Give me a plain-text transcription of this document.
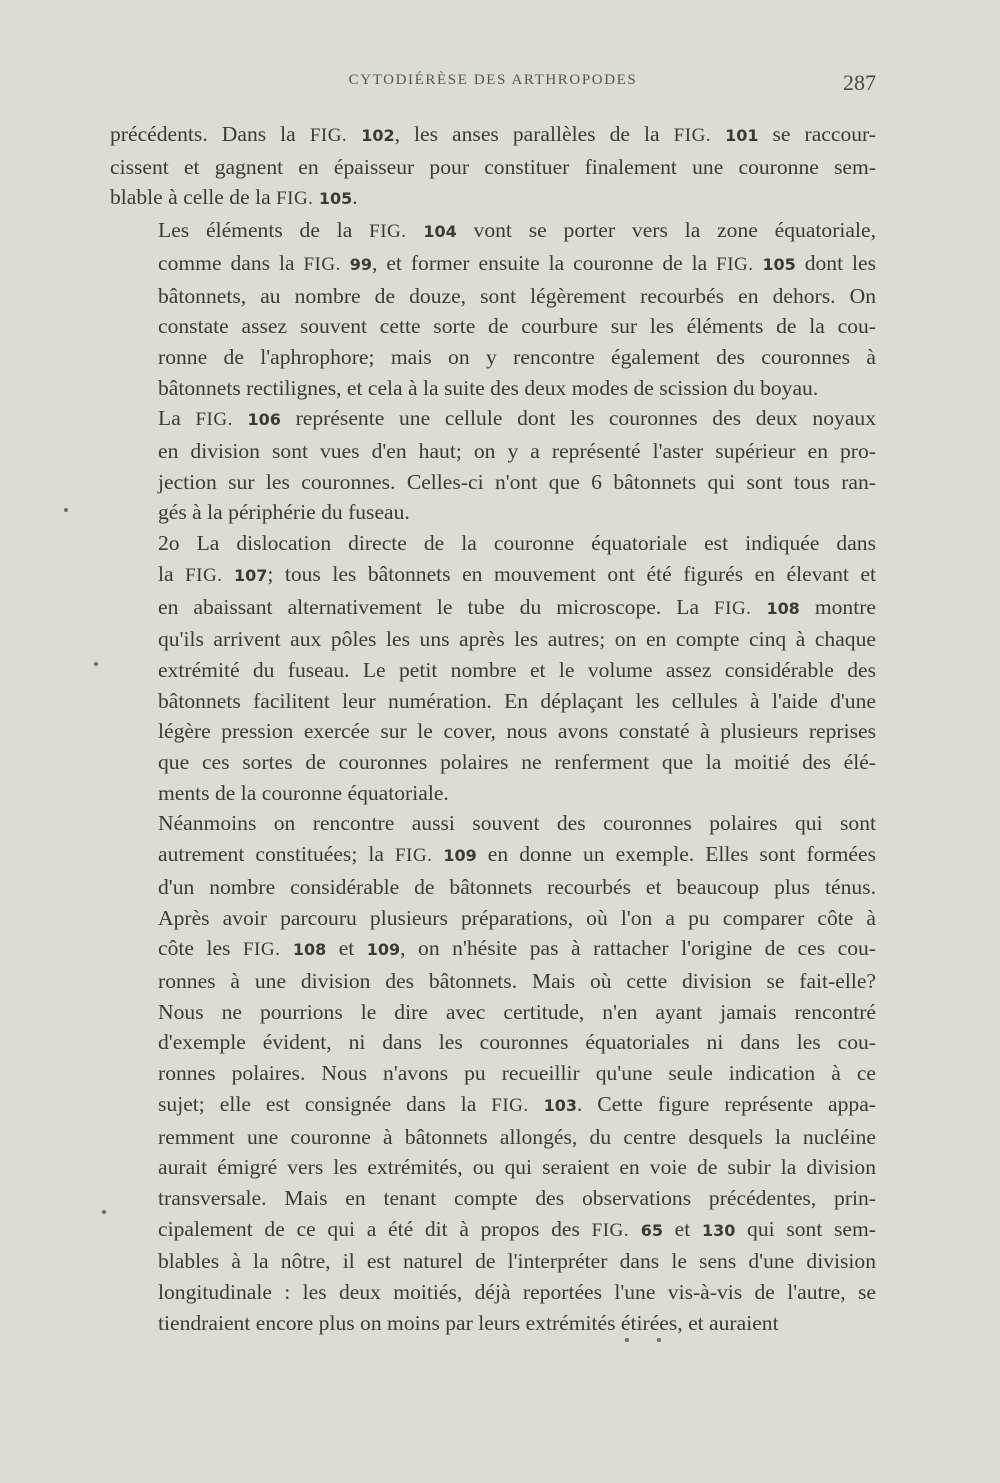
CYTODIÉRÈSE DES ARTHROPODES	287

précédents. Dans la FIG. 102, les anses parallèles de la FIG. 101 se raccour-
cissent et gagnent en épaisseur pour constituer finalement une couronne sem-
blable à celle de la FIG. 105.

Les éléments de la FIG. 104 vont se porter vers la zone équatoriale,
comme dans la FIG. 99, et former ensuite la couronne de la FIG. 105 dont les
bâtonnets, au nombre de douze, sont légèrement recourbés en dehors. On
constate assez souvent cette sorte de courbure sur les éléments de la cou-
ronne de l'aphrophore; mais on y rencontre également des couronnes à
bâtonnets rectilignes, et cela à la suite des deux modes de scission du boyau.

La FIG. 106 représente une cellule dont les couronnes des deux noyaux
en division sont vues d'en haut; on y a représenté l'aster supérieur en pro-
jection sur les couronnes. Celles-ci n'ont que 6 bâtonnets qui sont tous ran-
gés à la périphérie du fuseau.

2o La dislocation directe de la couronne équatoriale est indiquée dans
la FIG. 107; tous les bâtonnets en mouvement ont été figurés en élevant et
en abaissant alternativement le tube du microscope. La FIG. 108 montre
qu'ils arrivent aux pôles les uns après les autres; on en compte cinq à chaque
extrémité du fuseau. Le petit nombre et le volume assez considérable des
bâtonnets facilitent leur numération. En déplaçant les cellules à l'aide d'une
légère pression exercée sur le cover, nous avons constaté à plusieurs reprises
que ces sortes de couronnes polaires ne renferment que la moitié des élé-
ments de la couronne équatoriale.

Néanmoins on rencontre aussi souvent des couronnes polaires qui sont
autrement constituées; la FIG. 109 en donne un exemple. Elles sont formées
d'un nombre considérable de bâtonnets recourbés et beaucoup plus ténus.
Après avoir parcouru plusieurs préparations, où l'on a pu comparer côte à
côte les FIG. 108 et 109, on n'hésite pas à rattacher l'origine de ces cou-
ronnes à une division des bâtonnets. Mais où cette division se fait-elle?
Nous ne pourrions le dire avec certitude, n'en ayant jamais rencontré
d'exemple évident, ni dans les couronnes équatoriales ni dans les cou-
ronnes polaires. Nous n'avons pu recueillir qu'une seule indication à ce
sujet; elle est consignée dans la FIG. 103. Cette figure représente appa-
remment une couronne à bâtonnets allongés, du centre desquels la nucléine
aurait émigré vers les extrémités, ou qui seraient en voie de subir la division
transversale. Mais en tenant compte des observations précédentes, prin-
cipalement de ce qui a été dit à propos des FIG. 65 et 130 qui sont sem-
blables à la nôtre, il est naturel de l'interpréter dans le sens d'une division
longitudinale : les deux moitiés, déjà reportées l'une vis-à-vis de l'autre, se
tiendraient encore plus on moins par leurs extrémités étirées, et auraient
